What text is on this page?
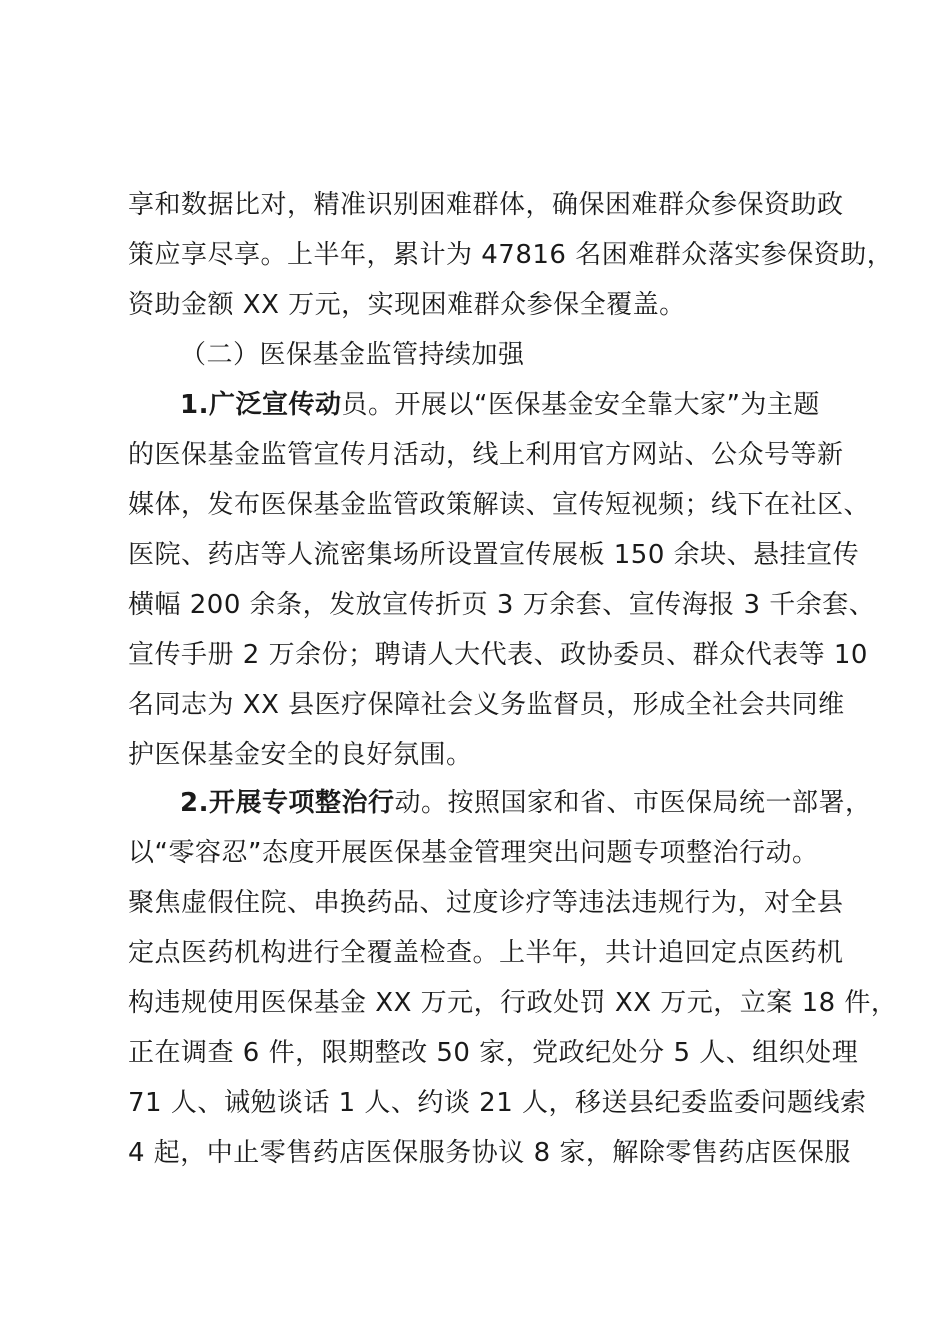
享和数据比对，精准识别困难群体，确保困难群众参保资助政
策应享尽享。上半年，累计为 47816 名困难群众落实参保资助，
资助金额 XX 万元，实现困难群众参保全覆盖。
（二）医保基金监管持续加强
1.广泛宣传动员。开展以“医保基金安全靠大家”为主题
的医保基金监管宣传月活动，线上利用官方网站、公众号等新
媒体，发布医保基金监管政策解读、宣传短视频；线下在社区、
医院、药店等人流密集场所设置宣传展板 150 余块、悬挂宣传
横幅 200 余条，发放宣传折页 3 万余套、宣传海报 3 千余套、
宣传手册 2 万余份；聘请人大代表、政协委员、群众代表等 10
名同志为 XX 县医疗保障社会义务监督员，形成全社会共同维
护医保基金安全的良好氛围。
2.开展专项整治行动。按照国家和省、市医保局统一部署，
以“零容忍”态度开展医保基金管理突出问题专项整治行动。
聚焦虚假住院、串换药品、过度诊疗等违法违规行为，对全县
定点医药机构进行全覆盖检查。上半年，共计追回定点医药机
构违规使用医保基金 XX 万元，行政处罚 XX 万元，立案 18 件，
正在调查 6 件，限期整改 50 家，党政纪处分 5 人、组织处理
71 人、诫勉谈话 1 人、约谈 21 人，移送县纪委监委问题线索
4 起，中止零售药店医保服务协议 8 家，解除零售药店医保服
